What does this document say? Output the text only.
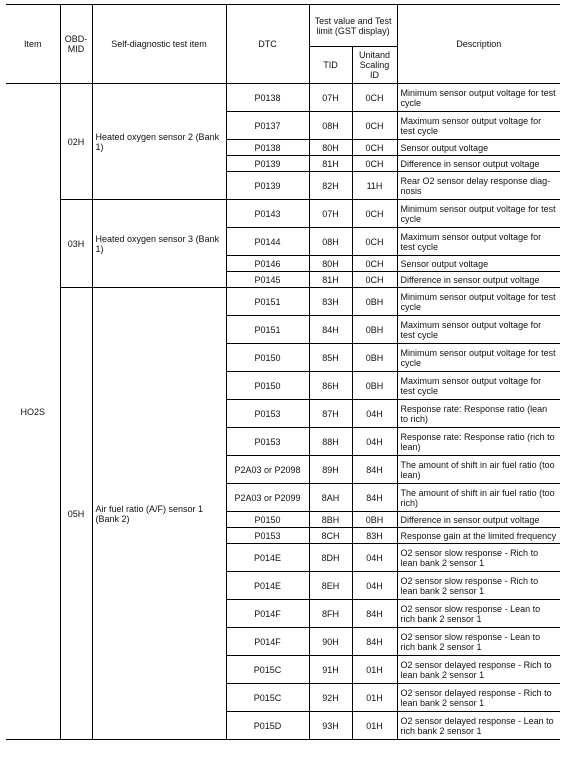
Item	OBD-MID	Self-diagnostic test item	DTC	Test value and Test limit (GST display)		Description
				TID	Unitand Scaling ID	
HO2S	02H	Heated oxygen sensor 2 (Bank 1)	P0138	07H	0CH	Minimum sensor output voltage for test cycle
			P0137	08H	0CH	Maximum sensor output voltage for test cycle
			P0138	80H	0CH	Sensor output voltage
			P0139	81H	0CH	Difference in sensor output voltage
			P0139	82H	11H	Rear O2 sensor delay response diag-nosis
	03H	Heated oxygen sensor 3 (Bank 1)	P0143	07H	0CH	Minimum sensor output voltage for test cycle
			P0144	08H	0CH	Maximum sensor output voltage for test cycle
			P0146	80H	0CH	Sensor output voltage
			P0145	81H	0CH	Difference in sensor output voltage
	05H	Air fuel ratio (A/F) sensor 1 (Bank 2)	P0151	83H	0BH	Minimum sensor output voltage for test cycle
			P0151	84H	0BH	Maximum sensor output voltage for test cycle
			P0150	85H	0BH	Minimum sensor output voltage for test cycle
			P0150	86H	0BH	Maximum sensor output voltage for test cycle
			P0153	87H	04H	Response rate: Response ratio (lean to rich)
			P0153	88H	04H	Response rate: Response ratio (rich to lean)
			P2A03 or P2098	89H	84H	The amount of shift in air fuel ratio (too lean)
			P2A03 or P2099	8AH	84H	The amount of shift in air fuel ratio (too rich)
			P0150	8BH	0BH	Difference in sensor output voltage
			P0153	8CH	83H	Response gain at the limited frequency
			P014E	8DH	04H	O2 sensor slow response - Rich to lean bank 2 sensor 1
			P014E	8EH	04H	O2 sensor slow response - Rich to lean bank 2 sensor 1
			P014F	8FH	84H	O2 sensor slow response - Lean to rich bank 2 sensor 1
			P014F	90H	84H	O2 sensor slow response - Lean to rich bank 2 sensor 1
			P015C	91H	01H	O2 sensor delayed response - Rich to lean bank 2 sensor 1
			P015C	92H	01H	O2 sensor delayed response - Rich to lean bank 2 sensor 1
			P015D	93H	01H	O2 sensor delayed response - Lean to rich bank 2 sensor 1
